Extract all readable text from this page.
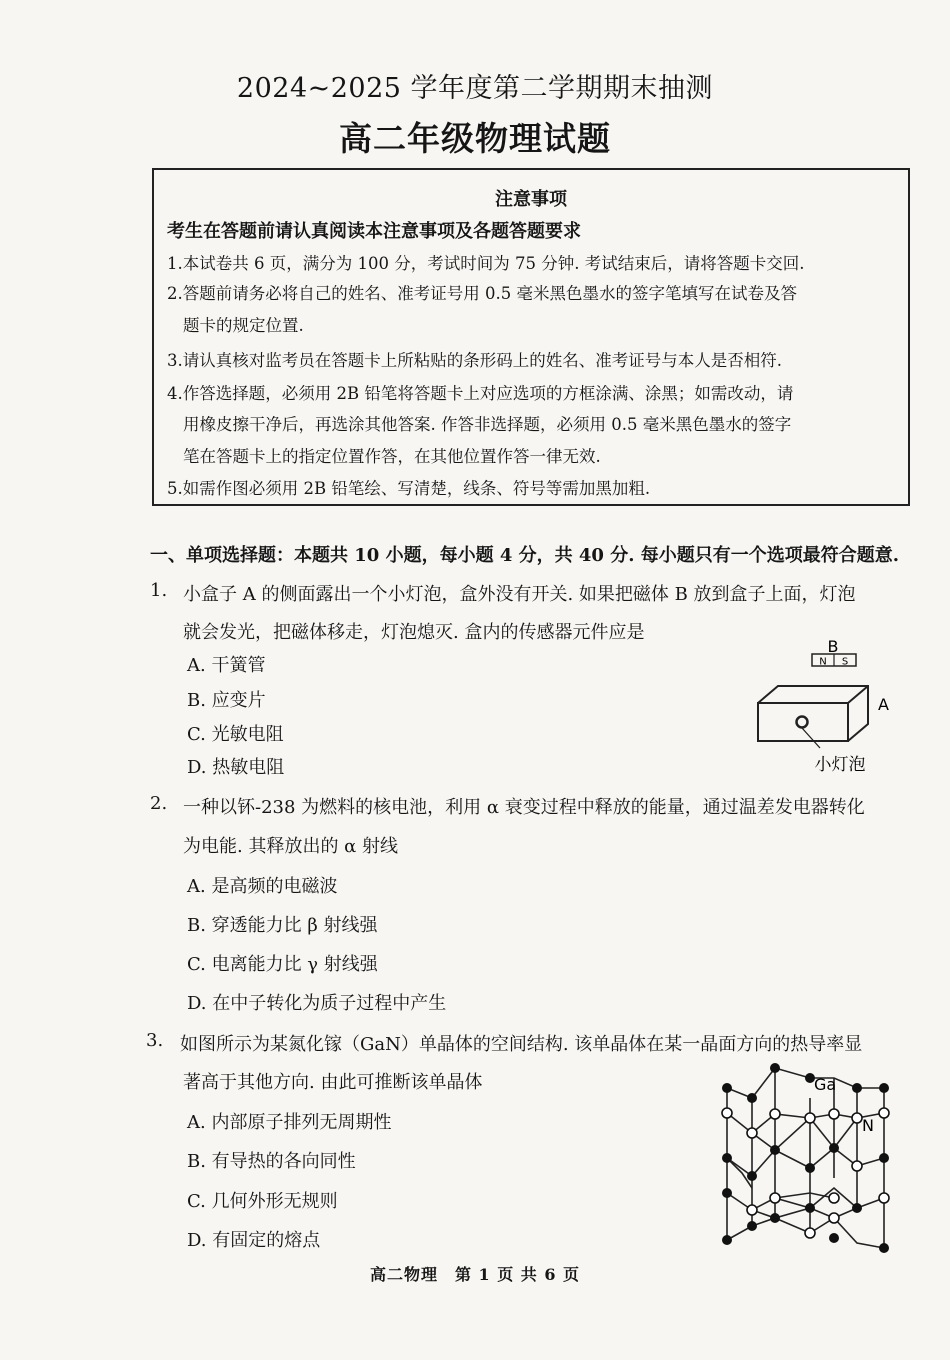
2024~2025 学年度第二学期期末抽测
高二年级物理试题
注意事项
考生在答题前请认真阅读本注意事项及各题答题要求
1.本试卷共 6 页，满分为 100 分，考试时间为 75 分钟. 考试结束后，请将答题卡交回.
2.答题前请务必将自己的姓名、准考证号用 0.5 毫米黑色墨水的签字笔填写在试卷及答
题卡的规定位置.
3.请认真核对监考员在答题卡上所粘贴的条形码上的姓名、准考证号与本人是否相符.
4.作答选择题，必须用 2B 铅笔将答题卡上对应选项的方框涂满、涂黑；如需改动，请
用橡皮擦干净后，再选涂其他答案. 作答非选择题，必须用 0.5 毫米黑色墨水的签字
笔在答题卡上的指定位置作答，在其他位置作答一律无效.
5.如需作图必须用 2B 铅笔绘、写清楚，线条、符号等需加黑加粗.
一、单项选择题：本题共 10 小题，每小题 4 分，共 40 分. 每小题只有一个选项最符合题意.
1. 小盒子 A 的侧面露出一个小灯泡，盒外没有开关. 如果把磁体 B 放到盒子上面，灯泡
就会发光，把磁体移走，灯泡熄灭. 盒内的传感器元件应是
A. 干簧管
B. 应变片
C. 光敏电阻
D. 热敏电阻
B
N S
A
小灯泡
2. 一种以钚-238 为燃料的核电池，利用 α 衰变过程中释放的能量，通过温差发电器转化
为电能. 其释放出的 α 射线
A. 是高频的电磁波
B. 穿透能力比 β 射线强
C. 电离能力比 γ 射线强
D. 在中子转化为质子过程中产生
3. 如图所示为某氮化镓（GaN）单晶体的空间结构. 该单晶体在某一晶面方向的热导率显
著高于其他方向. 由此可推断该单晶体
A. 内部原子排列无周期性
B. 有导热的各向同性
C. 几何外形无规则
D. 有固定的熔点
Ga
N
高二物理　第 1 页 共 6 页
